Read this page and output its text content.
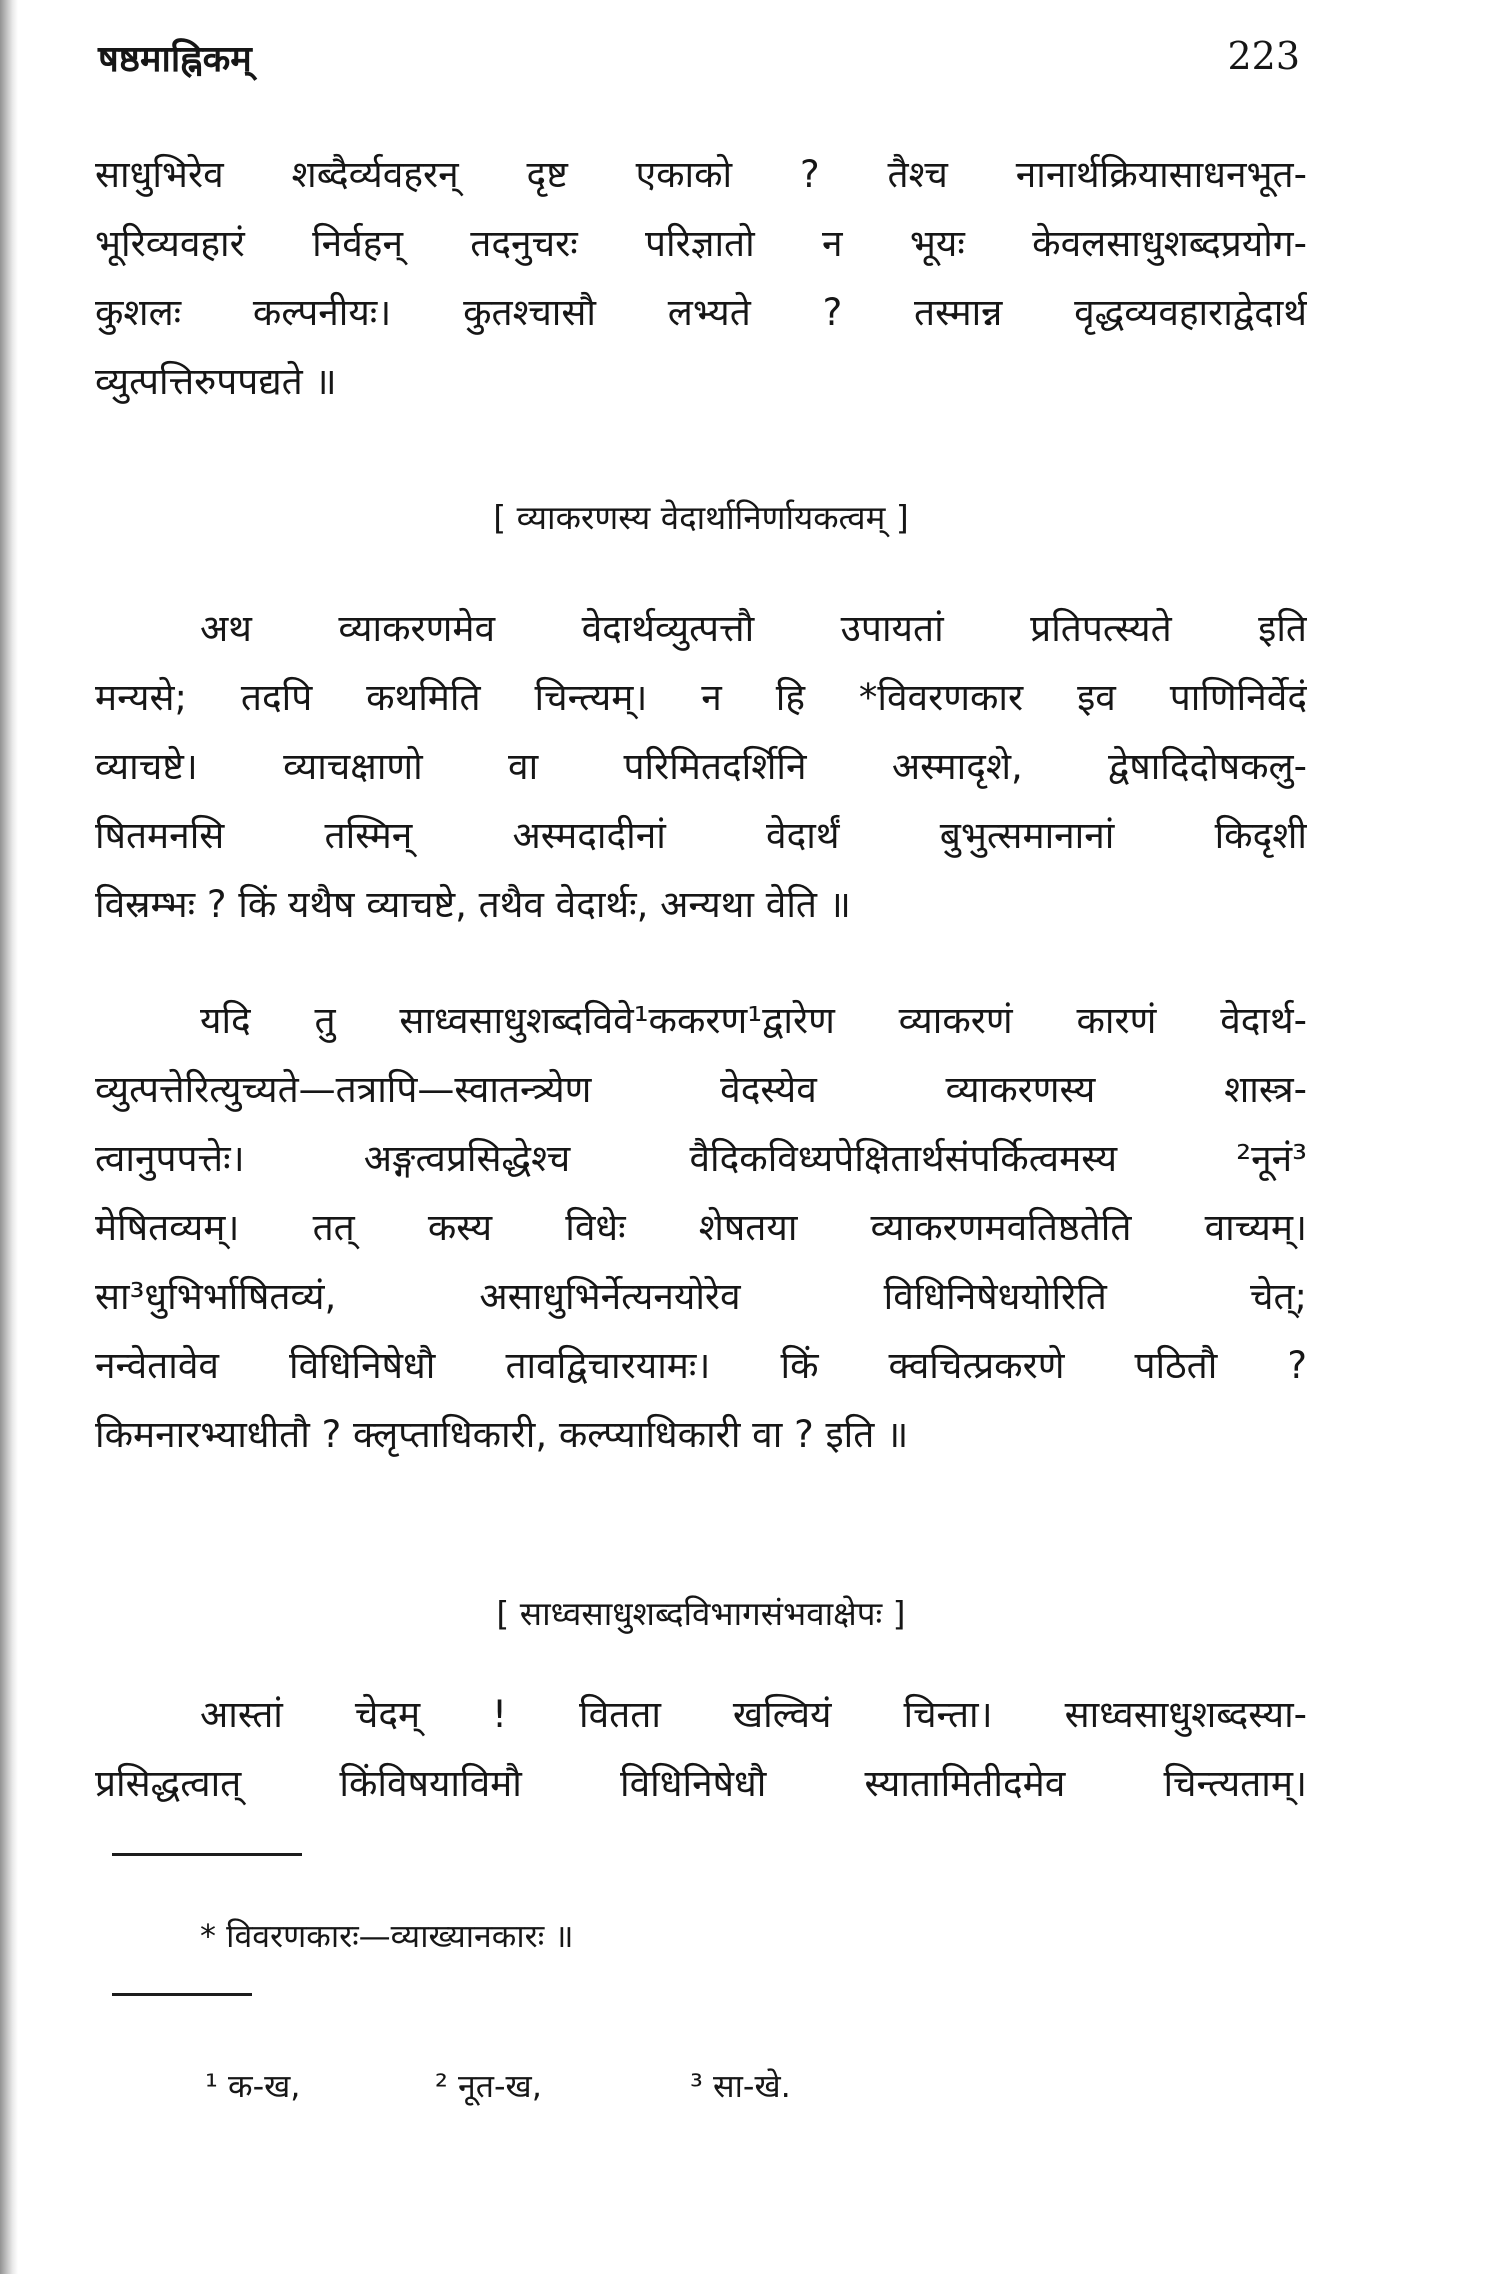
षष्ठमाह्निकम्	223
साधुभिरेव शब्दैर्व्यवहरन् दृष्ट एकाको ? तैश्च नानार्थक्रियासाधनभूत-
भूरिव्यवहारं निर्वहन् तदनुचरः परिज्ञातो न भूयः केवलसाधुशब्दप्रयोग-
कुशलः कल्पनीयः। कुतश्चासौ लभ्यते ? तस्मान्न वृद्धव्यवहाराद्वेदार्थ
व्युत्पत्तिरुपपद्यते ॥
[ व्याकरणस्य वेदार्थानिर्णायकत्वम् ]
अथ व्याकरणमेव वेदार्थव्युत्पत्तौ उपायतां प्रतिपत्स्यते इति
मन्यसे; तदपि कथमिति चिन्त्यम्। न हि *विवरणकार इव पाणिनिर्वेदं
व्याचष्टे। व्याचक्षाणो वा परिमितदर्शिनि अस्मादृशे, द्वेषादिदोषकलु-
षितमनसि तस्मिन् अस्मदादीनां वेदार्थं बुभुत्समानानां किदृशी
विस्रम्भः ? किं यथैष व्याचष्टे, तथैव वेदार्थः, अन्यथा वेति ॥
यदि तु साध्वसाधुशब्दविवे¹ककरण¹द्वारेण व्याकरणं कारणं वेदार्थ-
व्युत्पत्तेरित्युच्यते—तत्रापि—स्वातन्त्र्येण वेदस्येव व्याकरणस्य शास्त्र-
त्वानुपपत्तेः। अङ्गत्वप्रसिद्धेश्च वैदिकविध्यपेक्षितार्थसंपर्कित्वमस्य ²नूनं³
मेषितव्यम्। तत् कस्य विधेः शेषतया व्याकरणमवतिष्ठतेति वाच्यम्।
सा³धुभिर्भाषितव्यं, असाधुभिर्नेत्यनयोरेव विधिनिषेधयोरिति चेत्;
नन्वेतावेव विधिनिषेधौ तावद्विचारयामः। किं क्वचित्प्रकरणे पठितौ ?
किमनारभ्याधीतौ ? क्लृप्ताधिकारी, कल्प्याधिकारी वा ? इति ॥
[ साध्वसाधुशब्दविभागसंभवाक्षेपः ]
आस्तां चेदम् ! वितता खल्वियं चिन्ता। साध्वसाधुशब्दस्या-
प्रसिद्धत्वात् किंविषयाविमौ विधिनिषेधौ स्यातामितीदमेव चिन्त्यताम्।
* विवरणकारः—व्याख्यानकारः ॥
¹ क-ख,	² नूत-ख,	³ सा-खे.
